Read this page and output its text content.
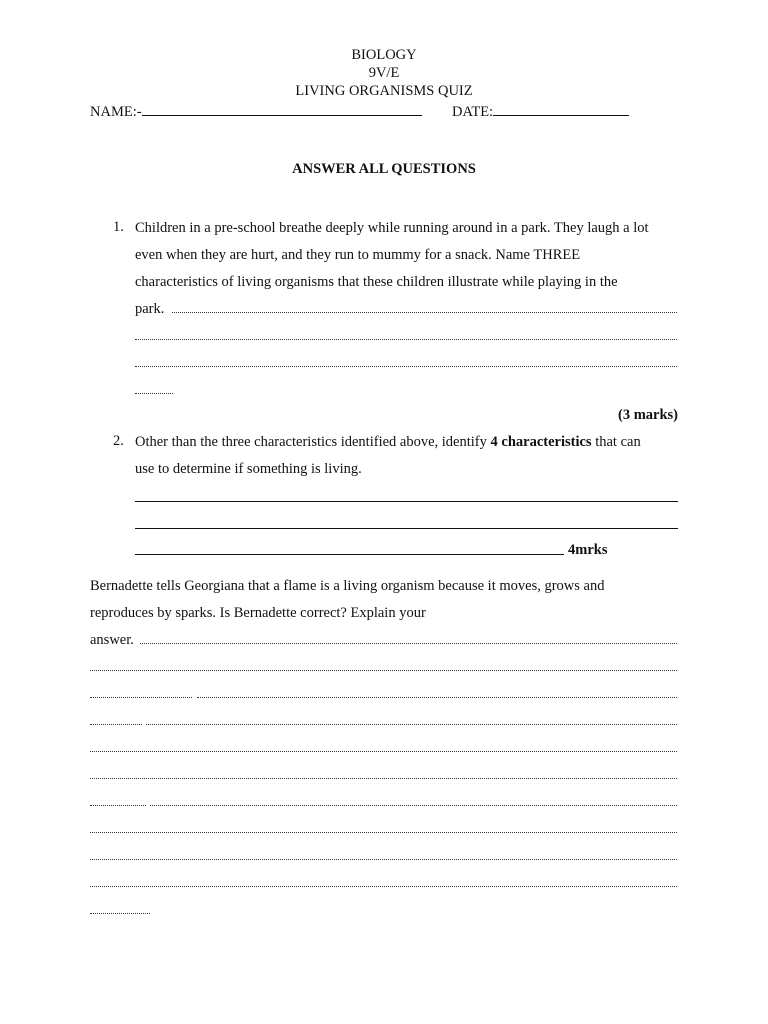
BIOLOGY
9V/E
LIVING ORGANISMS QUIZ
NAME:-	DATE:
ANSWER ALL QUESTIONS
1. Children in a pre-school breathe deeply while running around in a park. They laugh a lot
even when they are hurt, and they run to mummy for a snack. Name THREE
characteristics of living organisms that these children illustrate while playing in the
park.
(3 marks)
2. Other than the three characteristics identified above, identify 4 characteristics that can
use to determine if something is living.
4mrks
Bernadette tells Georgiana that a flame is a living organism because it moves, grows and
reproduces by sparks. Is Bernadette correct? Explain your
answer.
